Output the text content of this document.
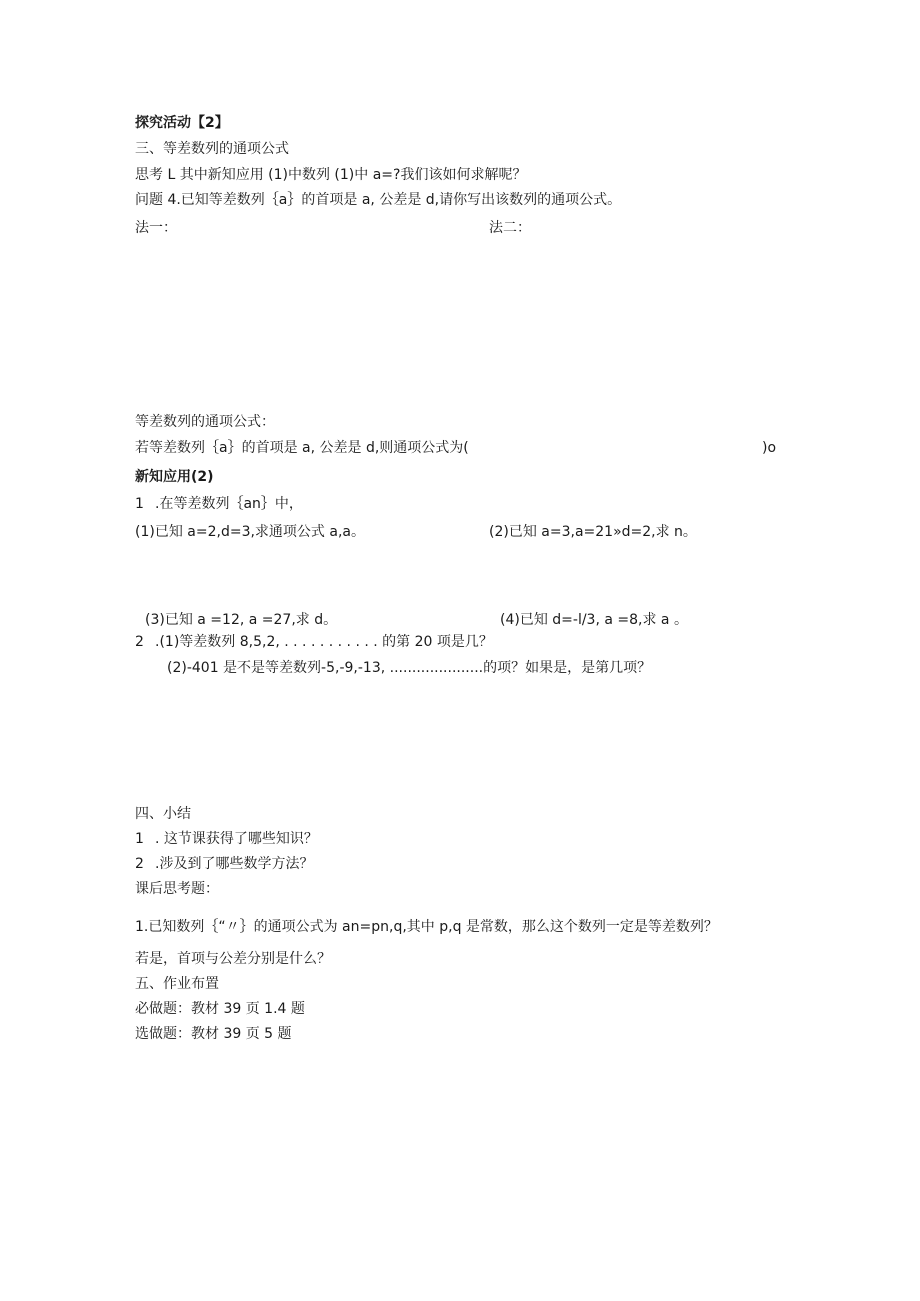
探究活动【2】
三、等差数列的通项公式
思考 L 其中新知应用 (1)中数列 (1)中 a=?我们该如何求解呢？
问题 4.已知等差数列｛a｝的首项是 a, 公差是 d,请你写出该数列的通项公式。
法一：	法二：
等差数列的通项公式：
若等差数列｛a｝的首项是 a, 公差是 d,则通项公式为(	)o
新知应用(2)
1 .在等差数列｛an｝中，
(1)已知 a=2,d=3,求通项公式 a,a。	(2)已知 a=3,a=21»d=2,求 n。
(3)已知 a =12, a =27,求 d。	(4)已知 d=-l/3, a =8,求 a 。
2 .(1)等差数列 8,5,2, . . . . . . . . . . . 的第 20 项是几？
(2)-401 是不是等差数列-5,-9,-13, .....................的项？如果是，是第几项？
四、小结
1 . 这节课获得了哪些知识？
2 .涉及到了哪些数学方法？
课后思考题：
1.已知数列｛“〃｝的通项公式为 an=pn,q,其中 p,q 是常数，那么这个数列一定是等差数列？
若是，首项与公差分别是什么？
五、作业布置
必做题：教材 39 页 1.4 题
选做题：教材 39 页 5 题
